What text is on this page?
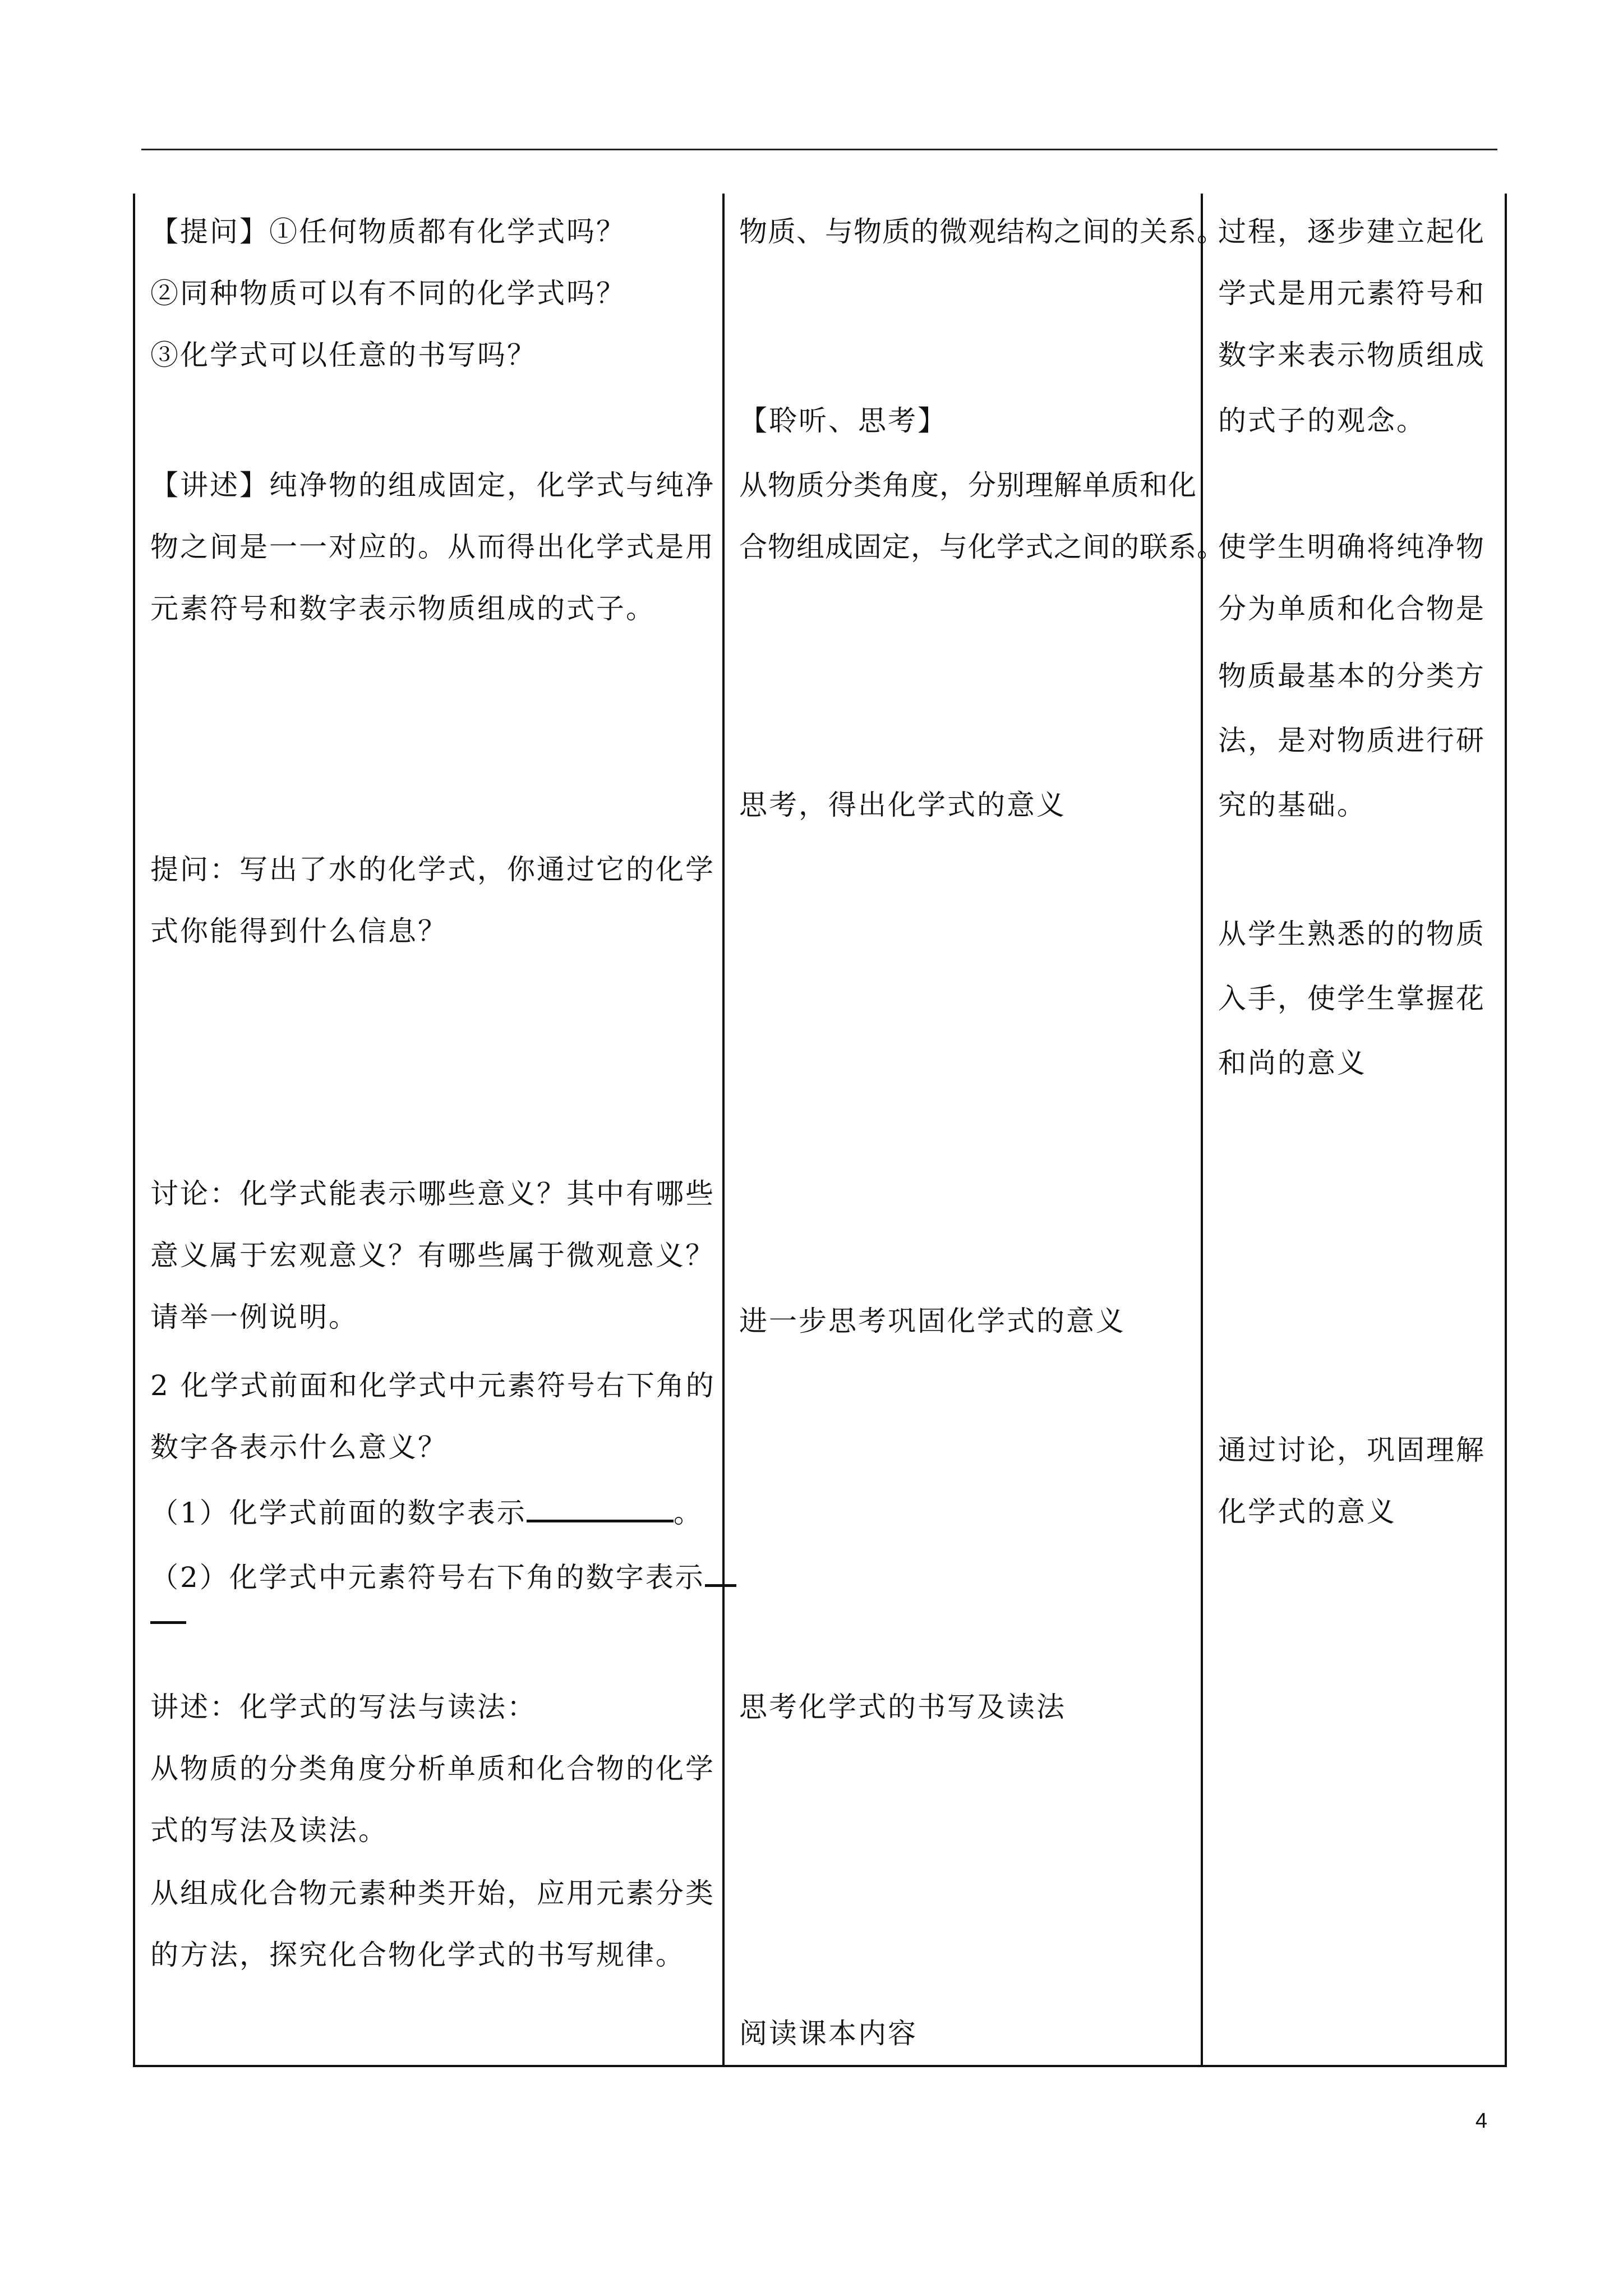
【提问】①任何物质都有化学式吗？
②同种物质可以有不同的化学式吗？
③化学式可以任意的书写吗？
【讲述】纯净物的组成固定，化学式与纯净
物之间是一一对应的。从而得出化学式是用
元素符号和数字表示物质组成的式子。
提问：写出了水的化学式，你通过它的化学
式你能得到什么信息？
讨论：化学式能表示哪些意义？其中有哪些
意义属于宏观意义？有哪些属于微观意义？
请举一例说明。
2 化学式前面和化学式中元素符号右下角的
数字各表示什么意义？
（1）化学式前面的数字表示	。
（2）化学式中元素符号右下角的数字表示
讲述：化学式的写法与读法：
从物质的分类角度分析单质和化合物的化学
式的写法及读法。
从组成化合物元素种类开始，应用元素分类
的方法，探究化合物化学式的书写规律。
物质、与物质的微观结构之间的关系。
【聆听、思考】
从物质分类角度，分别理解单质和化
合物组成固定，与化学式之间的联系。
思考，得出化学式的意义
进一步思考巩固化学式的意义
思考化学式的书写及读法
阅读课本内容
过程，逐步建立起化
学式是用元素符号和
数字来表示物质组成
的式子的观念。
使学生明确将纯净物
分为单质和化合物是
物质最基本的分类方
法，是对物质进行研
究的基础。
从学生熟悉的的物质
入手，使学生掌握花
和尚的意义
通过讨论，巩固理解
化学式的意义
4
